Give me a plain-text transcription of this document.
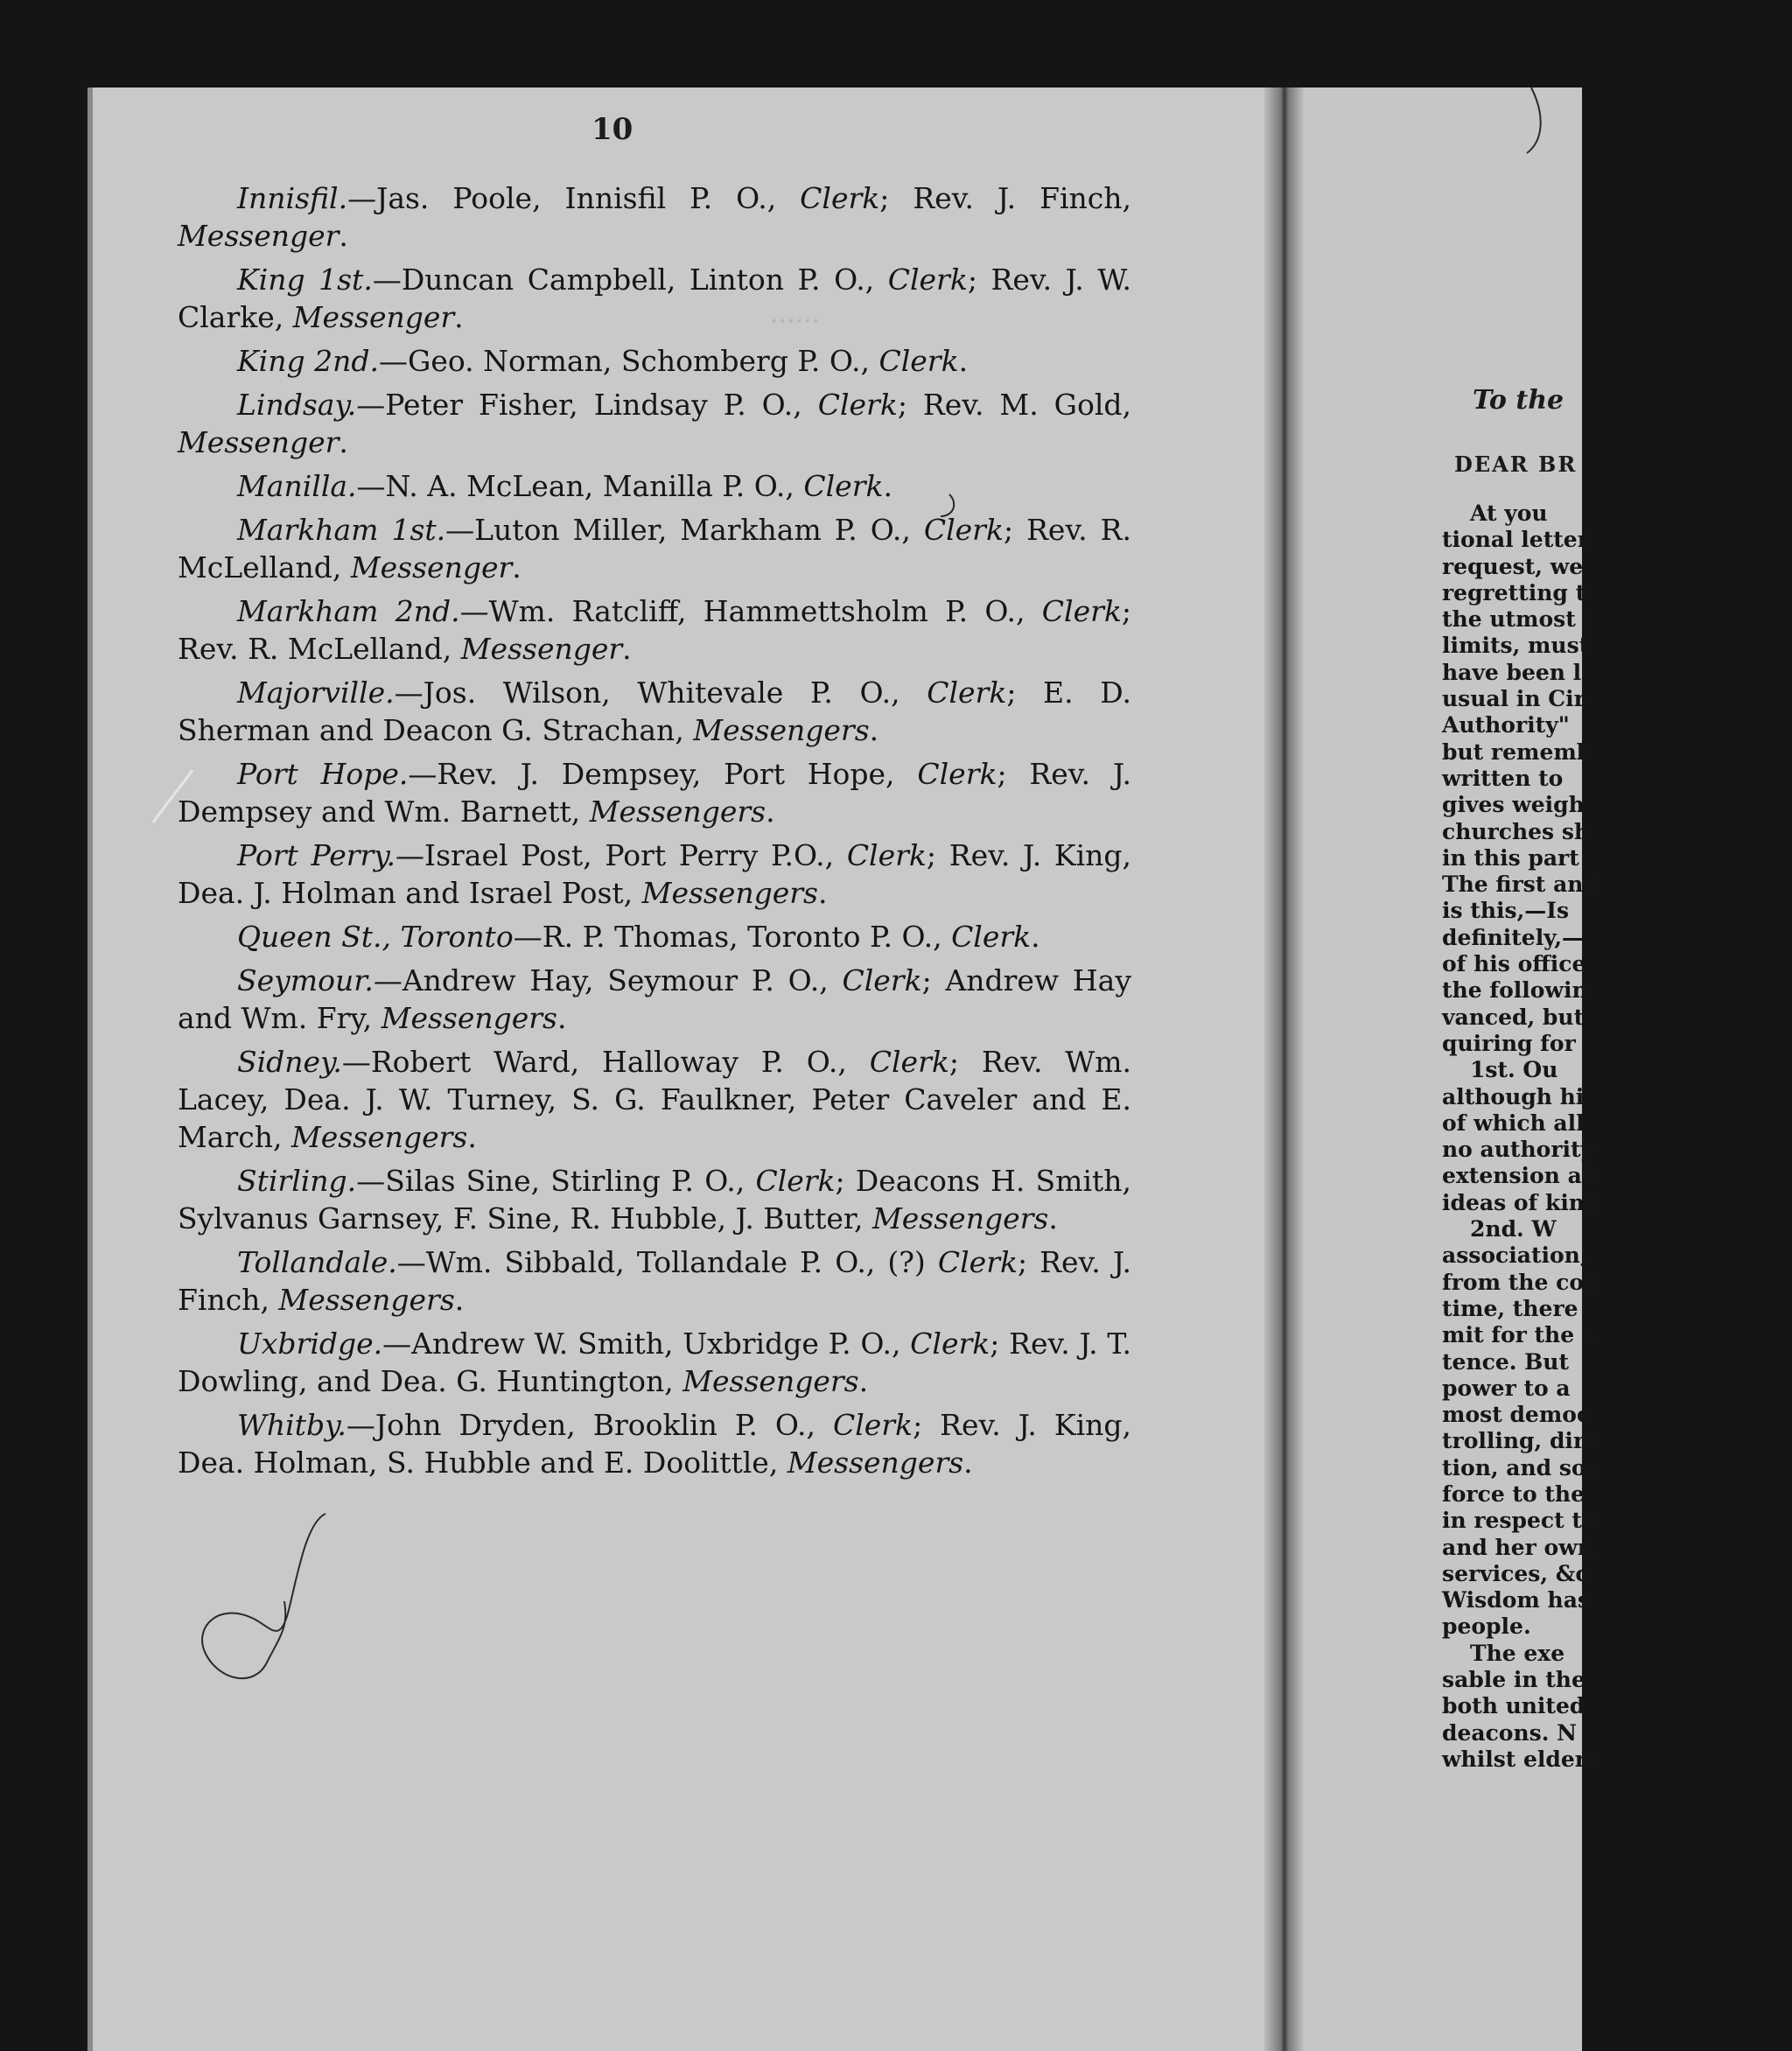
······
10

Innisfil.—Jas. Poole, Innisfil P. O., Clerk; Rev. J. Finch, Messenger.

King 1st.—Duncan Campbell, Linton P. O., Clerk; Rev. J. W. Clarke, Messenger.

King 2nd.—Geo. Norman, Schomberg P. O., Clerk.

Lindsay.—Peter Fisher, Lindsay P. O., Clerk; Rev. M. Gold, Messenger.

Manilla.—N. A. McLean, Manilla P. O., Clerk.

Markham 1st.—Luton Miller, Markham P. O., Clerk; Rev. R. McLelland, Messenger.

Markham 2nd.—Wm. Ratcliff, Hammettsholm P. O., Clerk; Rev. R. McLelland, Messenger.

Majorville.—Jos. Wilson, Whitevale P. O., Clerk; E. D. Sherman and Deacon G. Strachan, Messengers.

Port Hope.—Rev. J. Dempsey, Port Hope, Clerk; Rev. J. Dempsey and Wm. Barnett, Messengers.

Port Perry.—Israel Post, Port Perry P.O., Clerk; Rev. J. King, Dea. J. Holman and Israel Post, Messengers.

Queen St., Toronto—R. P. Thomas, Toronto P. O., Clerk.

Seymour.—Andrew Hay, Seymour P. O., Clerk; Andrew Hay and Wm. Fry, Messengers.

Sidney.—Robert Ward, Halloway P. O., Clerk; Rev. Wm. Lacey, Dea. J. W. Turney, S. G. Faulkner, Peter Caveler and E. March, Messengers.

Stirling.—Silas Sine, Stirling P. O., Clerk; Deacons H. Smith, Sylvanus Garnsey, F. Sine, R. Hubble, J. Butter, Messengers.

Tollandale.—Wm. Sibbald, Tollandale P. O., (?) Clerk; Rev. J. Finch, Messengers.

Uxbridge.—Andrew W. Smith, Uxbridge P. O., Clerk; Rev. J. T. Dowling, and Dea. G. Huntington, Messengers.

Whitby.—John Dryden, Brooklin P. O., Clerk; Rev. J. King, Dea. Holman, S. Hubble and E. Doolittle, Messengers.

To the
DEAR BR
At you
tional letter
request, we
regretting t
the utmost l
limits, must
have been l
usual in Cir
Authority"
but rememb
written to
gives weigh
churches sh
in this part
The first and
is this,—Is
definitely,—
of his office
the followin
vanced, but
quiring for
1st. Ou
although hi
of which all
no authority
extension an
ideas of king
2nd. W
association,
from the con
time, there
mit for the s
tence. But
power to a
most democ
trolling, dire
tion, and soc
force to the
in respect to
and her own
services, &c
Wisdom has
people.
The exe
sable in the
both united
deacons. N
whilst elders
